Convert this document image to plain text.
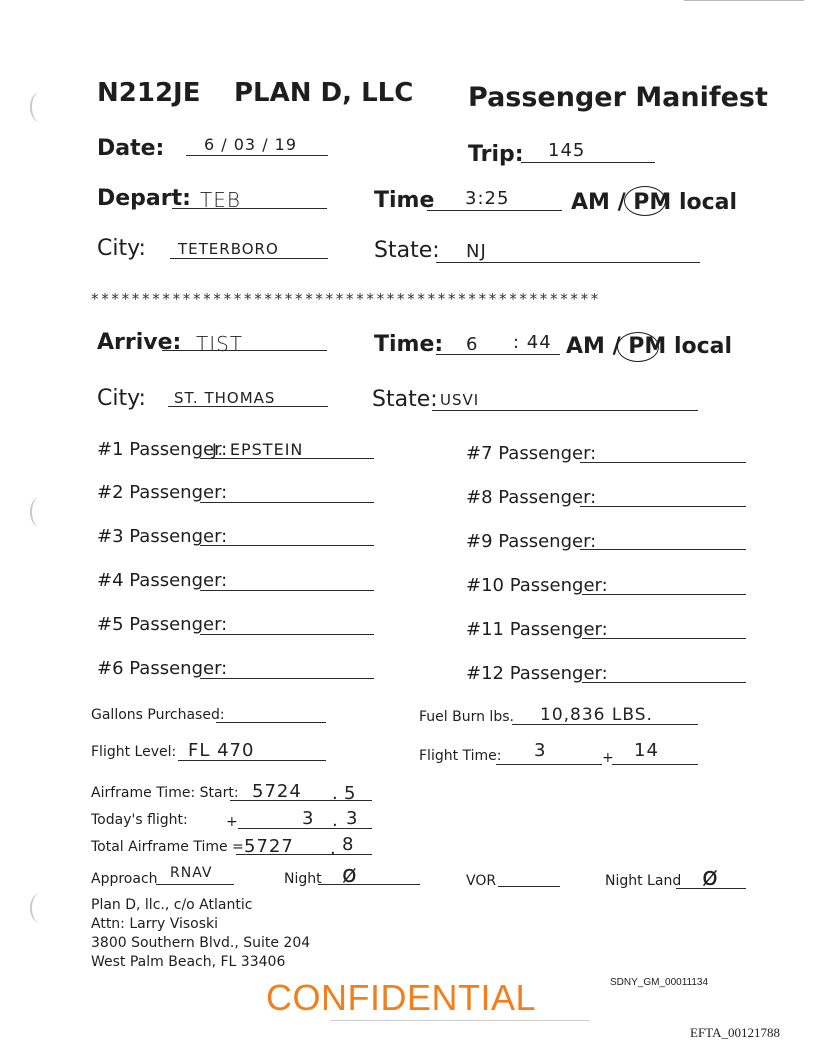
N212JE PLAN D, LLC Passenger Manifest
Date: 6 / 03 / 19	Trip: 145
Depart: TEB	Time 3:25	AM / PM local
City: TETERBORO	State: NJ
**************************************************
Arrive: TIST	Time: 6 : 44 AM / PM local
City: ST. THOMAS	State: USVI
#1 Passenger:
J. EPSTEIN
#2 Passenger:
#3 Passenger:
#4 Passenger:
#5 Passenger:
#6 Passenger:
#7 Passenger:
#8 Passenger:
#9 Passenger:
#10 Passenger:
#11 Passenger:
#12 Passenger:
Gallons Purchased:	Fuel Burn lbs. 10,836 LBS.
Flight Level: FL 470	Flight Time: 3	+ 14
Airframe Time: Start: 5724 . 5
Today's flight:	+	3 . 3
Total Airframe Time = 5727 . 8
Approach RNAV	Night ø	VOR	Night Land ø
Plan D, llc., c/o Atlantic
Attn: Larry Visoski
3800 Southern Blvd., Suite 204
West Palm Beach, FL 33406
CONFIDENTIAL	SDNY_GM_00011134
EFTA_00121788
